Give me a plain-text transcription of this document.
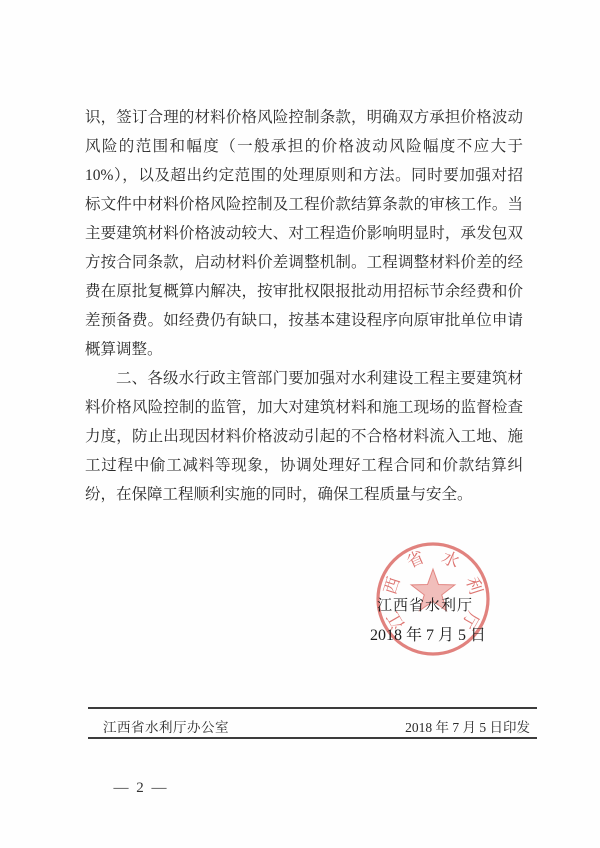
识，签订合理的材料价格风险控制条款，明确双方承担价格波动
风险的范围和幅度（一般承担的价格波动风险幅度不应大于
10%），以及超出约定范围的处理原则和方法。同时要加强对招
标文件中材料价格风险控制及工程价款结算条款的审核工作。当
主要建筑材料价格波动较大、对工程造价影响明显时，承发包双
方按合同条款，启动材料价差调整机制。工程调整材料价差的经
费在原批复概算内解决，按审批权限报批动用招标节余经费和价
差预备费。如经费仍有缺口，按基本建设程序向原审批单位申请
概算调整。
二、各级水行政主管部门要加强对水利建设工程主要建筑材
料价格风险控制的监管，加大对建筑材料和施工现场的监督检查
力度，防止出现因材料价格波动引起的不合格材料流入工地、施
工过程中偷工减料等现象，协调处理好工程合同和价款结算纠
纷，在保障工程顺利实施的同时，确保工程质量与安全。
江
西
省 水
利
厅
江西省水利厅
2018 年 7 月 5 日
江西省水利厅办公室	2018 年 7 月 5 日印发
— 2 —
